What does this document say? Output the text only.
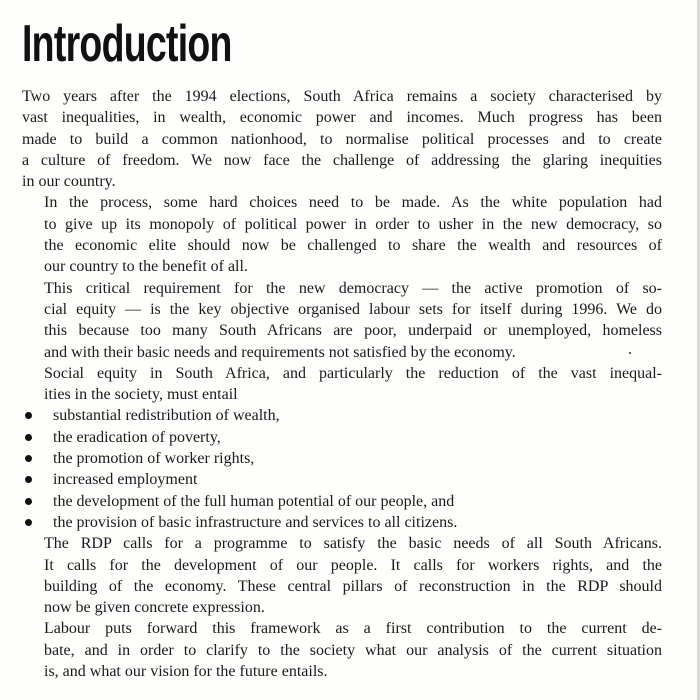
Introduction

Two years after the 1994 elections, South Africa remains a society characterised by
vast inequalities, in wealth, economic power and incomes. Much progress has been
made to build a common nationhood, to normalise political processes and to create
a culture of freedom. We now face the challenge of addressing the glaring inequities
in our country.

In the process, some hard choices need to be made. As the white population had
to give up its monopoly of political power in order to usher in the new democracy, so
the economic elite should now be challenged to share the wealth and resources of
our country to the benefit of all.

This critical requirement for the new democracy — the active promotion of so-
cial equity — is the key objective organised labour sets for itself during 1996. We do
this because too many South Africans are poor, underpaid or unemployed, homeless
and with their basic needs and requirements not satisfied by the economy.

Social equity in South Africa, and particularly the reduction of the vast inequal-
ities in the society, must entail

substantial redistribution of wealth,
the eradication of poverty,
the promotion of worker rights,
increased employment
the development of the full human potential of our people, and
the provision of basic infrastructure and services to all citizens.

The RDP calls for a programme to satisfy the basic needs of all South Africans.
It calls for the development of our people. It calls for workers rights, and the
building of the economy. These central pillars of reconstruction in the RDP should
now be given concrete expression.

Labour puts forward this framework as a first contribution to the current de-
bate, and in order to clarify to the society what our analysis of the current situation
is, and what our vision for the future entails.
